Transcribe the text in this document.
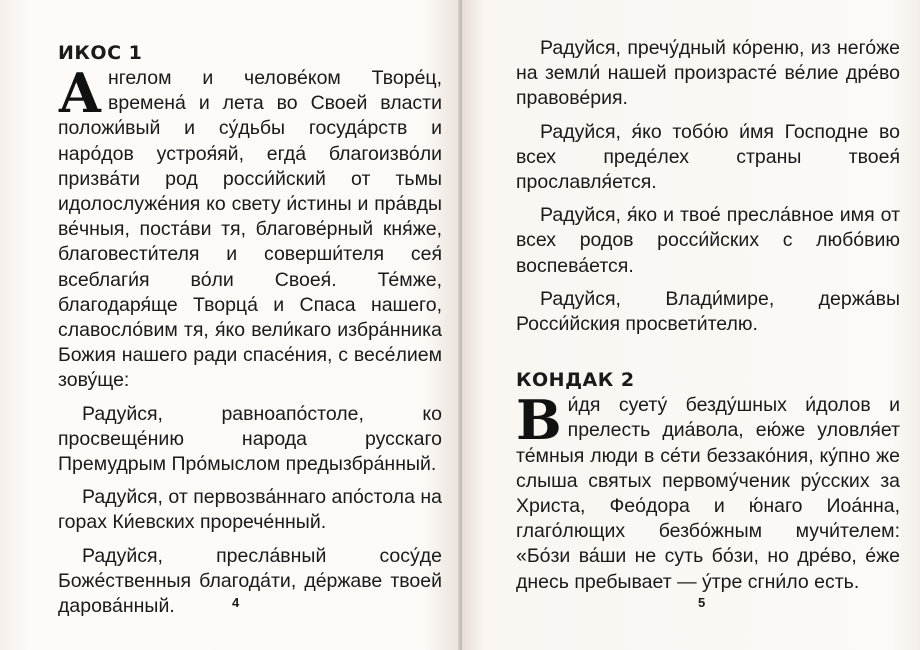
ИКОС 1

Ангелом и челове́ком Творе́ц, времена́ и лета во Своей власти положи́вый и су́дьбы госуда́рств и наро́дов устроя́яй, егда́ благоизво́ли призва́ти род росси́йский от тьмы идолослуже́ния ко свету и́стины и пра́вды ве́чныя, поста́ви тя, благове́рный кня́же, благовести́теля и соверши́теля сея́ всеблаги́я во́ли Своея́. Те́мже, благодаря́ще Творца́ и Спаса нашего, славосло́вим тя, я́ко вели́каго избра́нника Божия нашего ради спасе́ния, с весе́лием зову́ще:

Радуйся, равноапо́столе, ко просвеще́нию народа русскаго Премудрым Про́мыслом предызбра́нный.

Радуйся, от первозва́ннаго апо́стола на горах Ки́евских прорече́нный.

Радуйся, пресла́вный сосу́де Боже́ственныя благода́ти, де́ржаве твоей дарова́нный.	4

Радуйся, пречу́дный ко́реню, из него́же на земли́ нашей произрасте́ ве́лие дре́во правове́рия.

Радуйся, я́ко тобо́ю и́мя Господне во всех преде́лех страны твоея́ прославля́ется.

Радуйся, я́ко и твое́ пресла́вное имя от всех родов росси́йских с любо́вию воспева́ется.

Радуйся, Влади́мире, держа́вы Росси́йския просвети́телю.

КОНДАК 2

Ви́дя суету́ безду́шных и́долов и прелесть диа́вола, ею́же уловля́ет те́мныя люди в се́ти беззако́ния, ку́пно же слыша святых первому́ченик ру́сских за Христа, Фео́дора и ю́наго Иоа́нна, глаго́лющих безбо́жным мучи́телем: «Бо́зи ва́ши не суть бо́зи, но дре́во, е́же днесь пребывает — у́тре сгни́ло есть.

5
